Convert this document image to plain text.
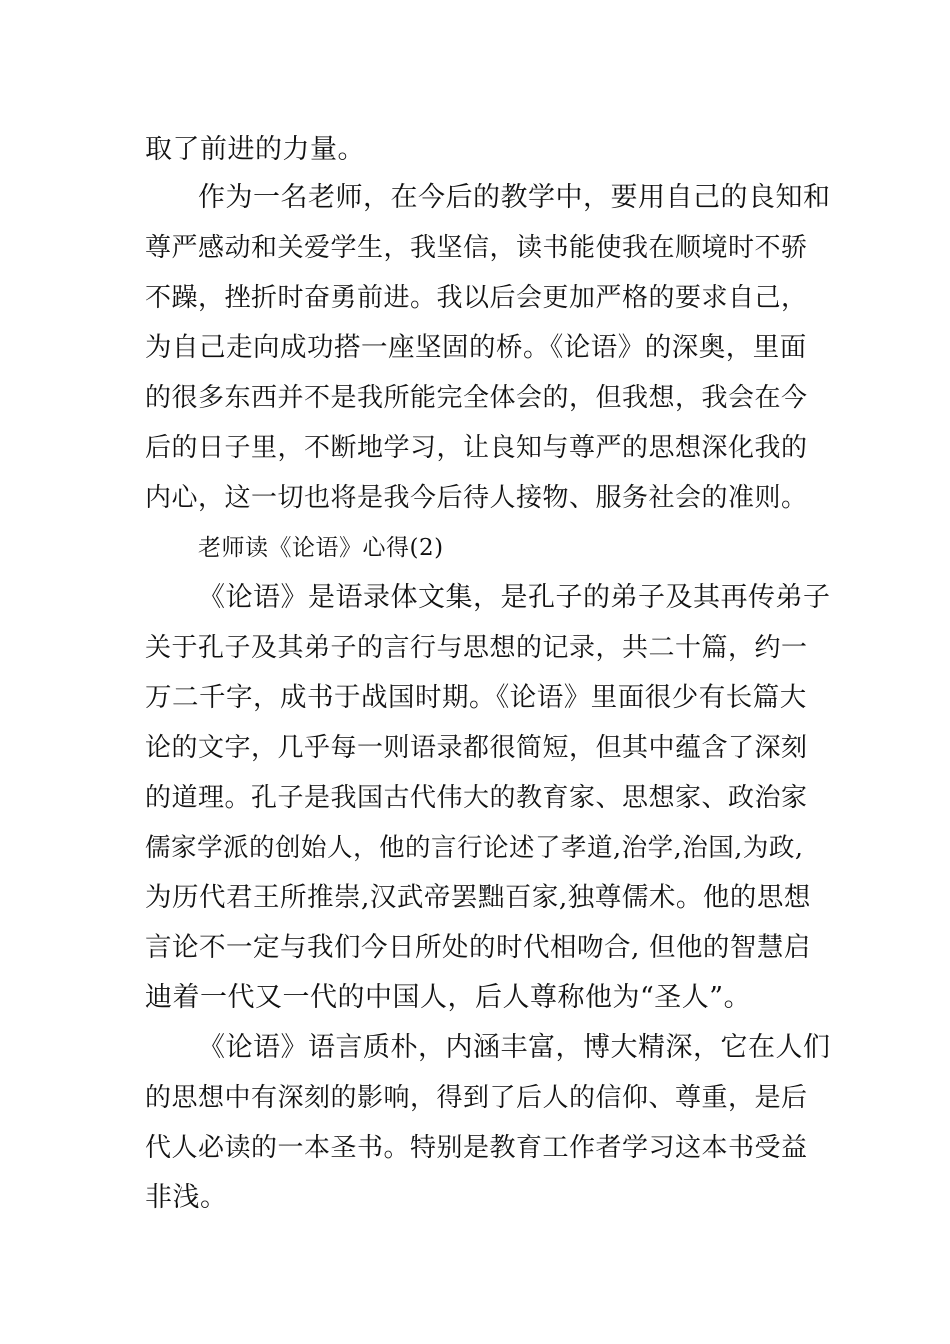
取了前进的力量。
作为一名老师，在今后的教学中，要用自己的良知和
尊严感动和关爱学生，我坚信，读书能使我在顺境时不骄
不躁，挫折时奋勇前进。我以后会更加严格的要求自己，
为自己走向成功搭一座坚固的桥。《论语》的深奥，里面
的很多东西并不是我所能完全体会的，但我想，我会在今
后的日子里，不断地学习，让良知与尊严的思想深化我的
内心，这一切也将是我今后待人接物、服务社会的准则。
老师读《论语》心得(2)
《论语》是语录体文集，是孔子的弟子及其再传弟子
关于孔子及其弟子的言行与思想的记录，共二十篇，约一
万二千字，成书于战国时期。《论语》里面很少有长篇大
论的文字，几乎每一则语录都很简短，但其中蕴含了深刻
的道理。孔子是我国古代伟大的教育家、思想家、政治家
儒家学派的创始人，他的言行论述了孝道,治学,治国,为政,
为历代君王所推崇,汉武帝罢黜百家,独尊儒术。他的思想
言论不一定与我们今日所处的时代相吻合, 但他的智慧启
迪着一代又一代的中国人，后人尊称他为“圣人”。
《论语》语言质朴，内涵丰富，博大精深，它在人们
的思想中有深刻的影响，得到了后人的信仰、尊重，是后
代人必读的一本圣书。特别是教育工作者学习这本书受益
非浅。
